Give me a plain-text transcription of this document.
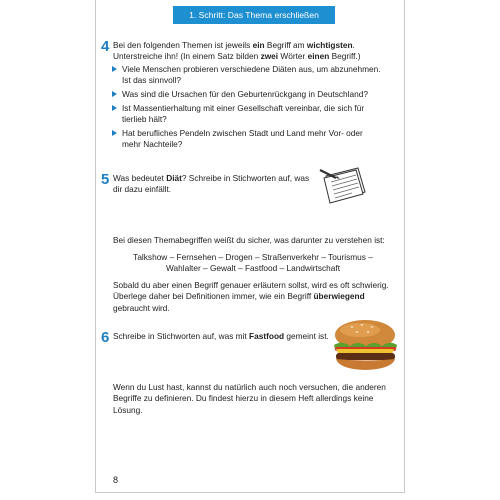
1. Schritt: Das Thema erschließen
4 Bei den folgenden Themen ist jeweils ein Begriff am wichtigsten. Unterstreiche ihn! (In einem Satz bilden zwei Wörter einen Begriff.)
Viele Menschen probieren verschiedene Diäten aus, um abzunehmen. Ist das sinnvoll?
Was sind die Ursachen für den Geburtenrückgang in Deutschland?
Ist Massentierhaltung mit einer Gesellschaft vereinbar, die sich für tierlieb hält?
Hat berufliches Pendeln zwischen Stadt und Land mehr Vor- oder mehr Nachteile?
5 Was bedeutet Diät? Schreibe in Stichworten auf, was dir dazu einfällt.
Bei diesen Themabegriffen weißt du sicher, was darunter zu verstehen ist:
Talkshow – Fernsehen – Drogen – Straßenverkehr – Tourismus –
Wahlalter – Gewalt – Fastfood – Landwirtschaft
Sobald du aber einen Begriff genauer erläutern sollst, wird es oft schwierig. Überlege daher bei Definitionen immer, wie ein Begriff überwiegend gebraucht wird.
6 Schreibe in Stichworten auf, was mit Fastfood gemeint ist.
Wenn du Lust hast, kannst du natürlich auch noch versuchen, die anderen Begriffe zu definieren. Du findest hierzu in diesem Heft allerdings keine Lösung.
8
